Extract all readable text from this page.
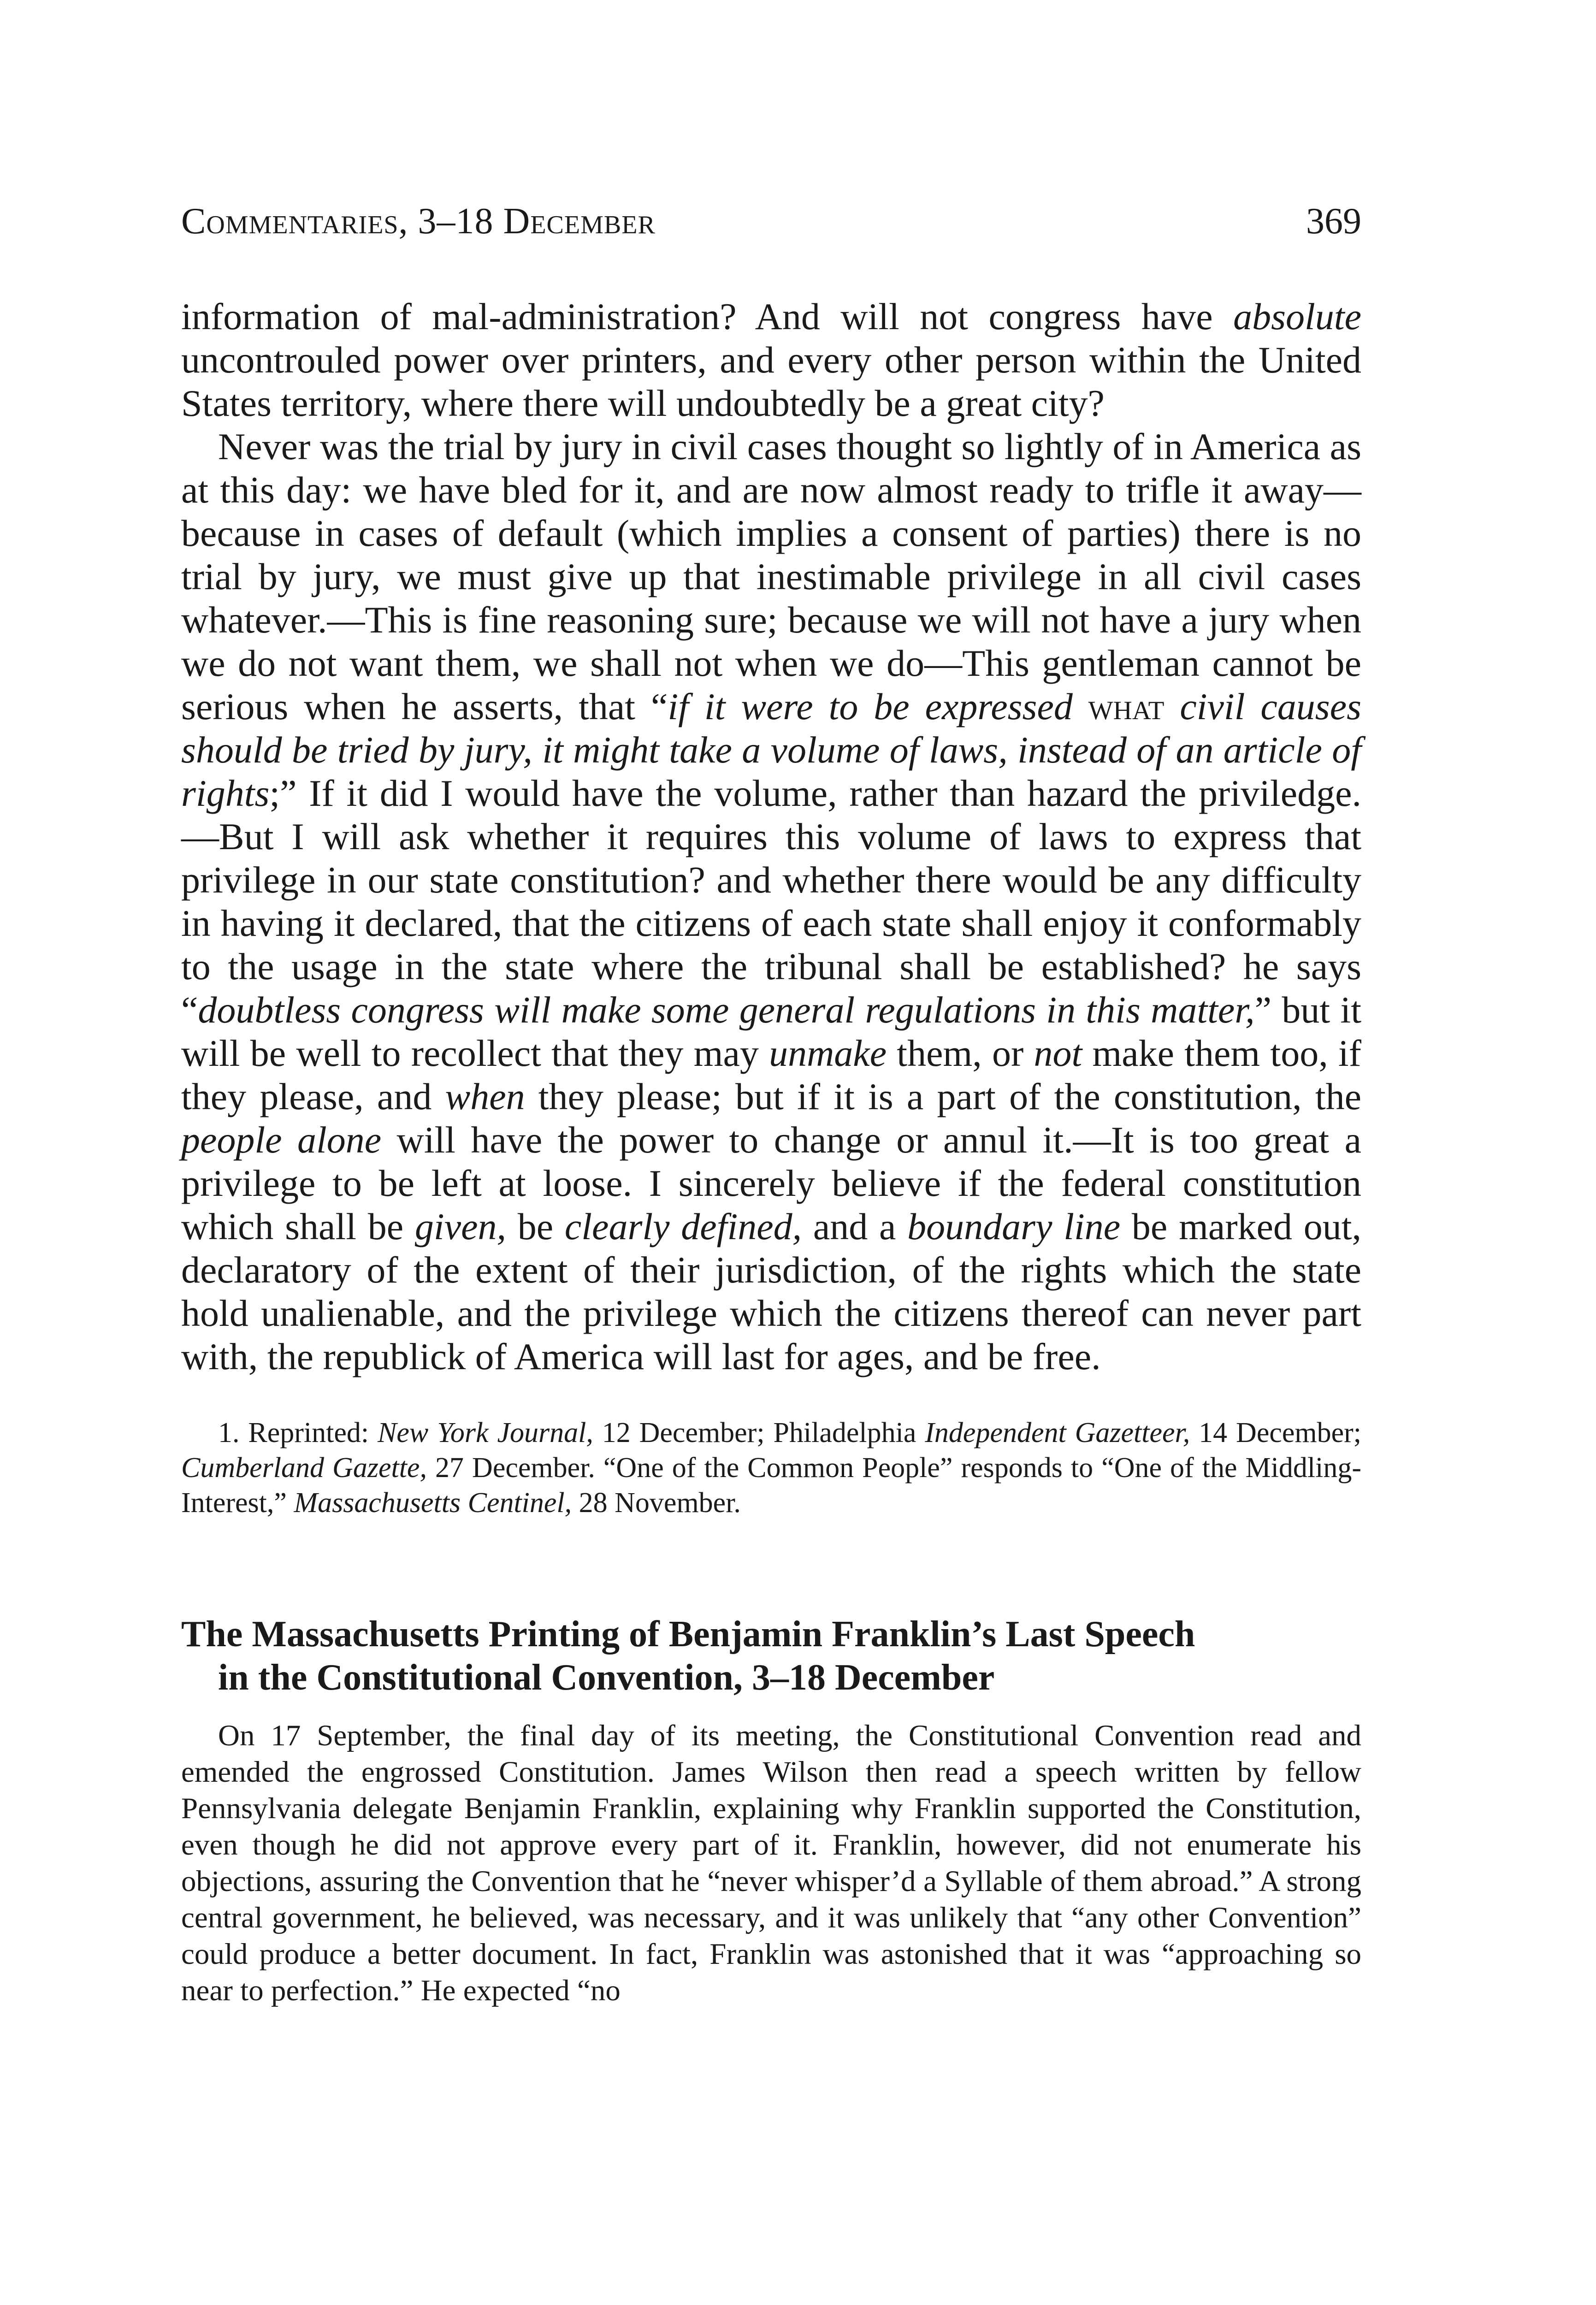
Commentaries, 3–18 December	369

information of mal-administration? And will not congress have absolute uncontrouled power over printers, and every other person within the United States territory, where there will undoubtedly be a great city?

Never was the trial by jury in civil cases thought so lightly of in America as at this day: we have bled for it, and are now almost ready to trifle it away—because in cases of default (which implies a consent of parties) there is no trial by jury, we must give up that inestimable privilege in all civil cases whatever.—This is fine reasoning sure; because we will not have a jury when we do not want them, we shall not when we do—This gentleman cannot be serious when he asserts, that “if it were to be expressed what civil causes should be tried by jury, it might take a volume of laws, instead of an article of rights;” If it did I would have the volume, rather than hazard the priviledge.—But I will ask whether it requires this volume of laws to express that privilege in our state constitution? and whether there would be any difficulty in having it declared, that the citizens of each state shall enjoy it conformably to the usage in the state where the tribunal shall be established? he says “doubtless congress will make some general regulations in this matter,” but it will be well to recollect that they may unmake them, or not make them too, if they please, and when they please; but if it is a part of the constitution, the people alone will have the power to change or annul it.—It is too great a privilege to be left at loose. I sincerely believe if the federal constitution which shall be given, be clearly defined, and a boundary line be marked out, declaratory of the extent of their jurisdiction, of the rights which the state hold unalienable, and the privilege which the citizens thereof can never part with, the republick of America will last for ages, and be free.

1. Reprinted: New York Journal, 12 December; Philadelphia Independent Gazetteer, 14 December; Cumberland Gazette, 27 December. “One of the Common People” responds to “One of the Middling-Interest,” Massachusetts Centinel, 28 November.

The Massachusetts Printing of Benjamin Franklin’s Last Speech
in the Constitutional Convention, 3–18 December

On 17 September, the final day of its meeting, the Constitutional Convention read and emended the engrossed Constitution. James Wilson then read a speech written by fellow Pennsylvania delegate Benjamin Franklin, explaining why Franklin supported the Constitution, even though he did not approve every part of it. Franklin, however, did not enumerate his objections, assuring the Convention that he “never whisper’d a Syllable of them abroad.” A strong central government, he believed, was necessary, and it was unlikely that “any other Convention” could produce a better document. In fact, Franklin was astonished that it was “approaching so near to perfection.” He expected “no
